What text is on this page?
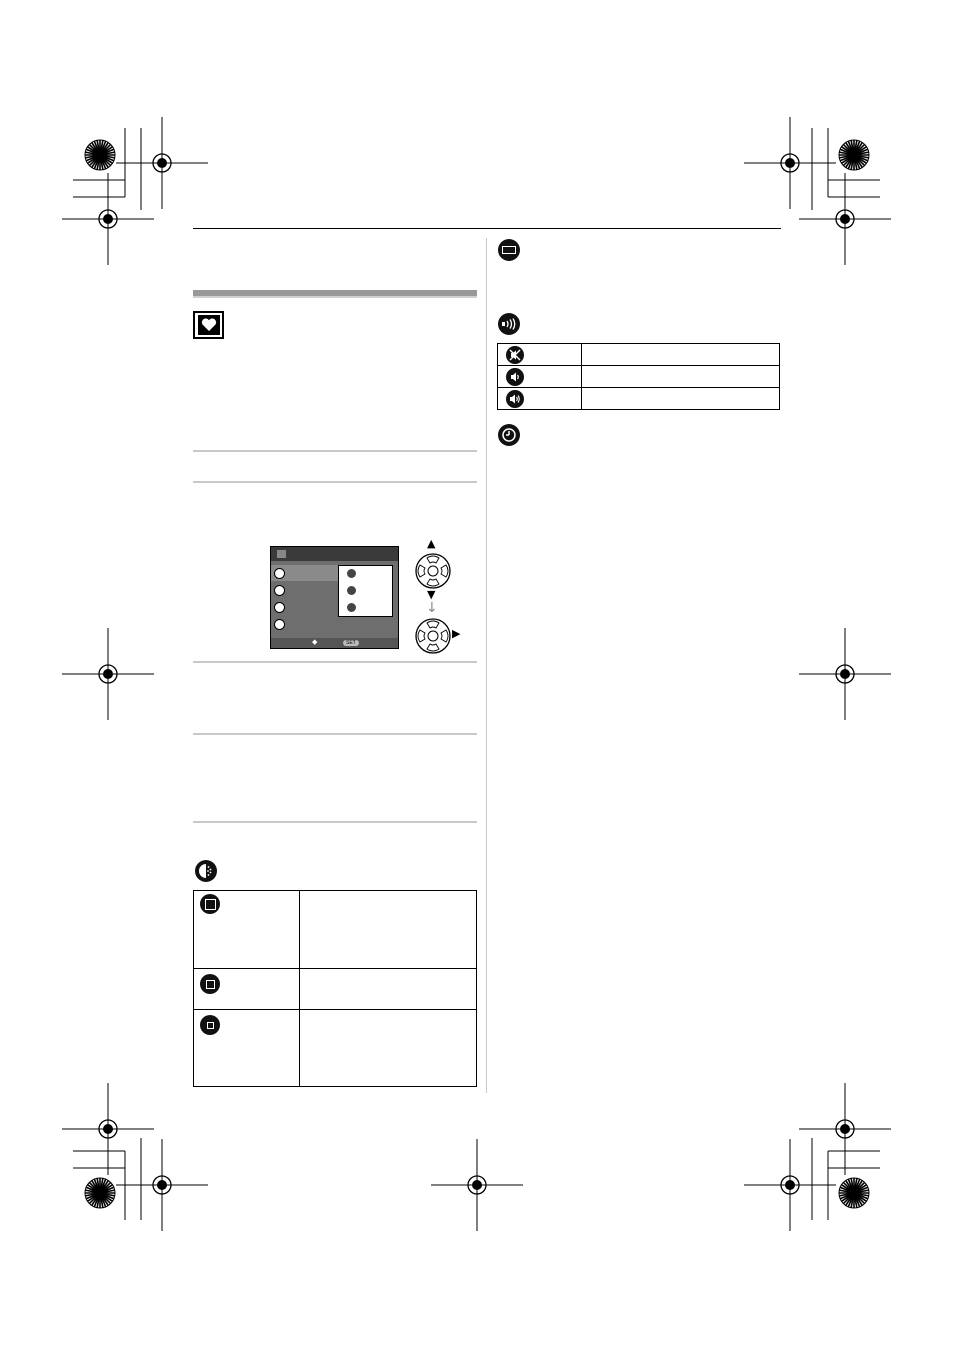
◆	SET
▲
▼
↓
▶
